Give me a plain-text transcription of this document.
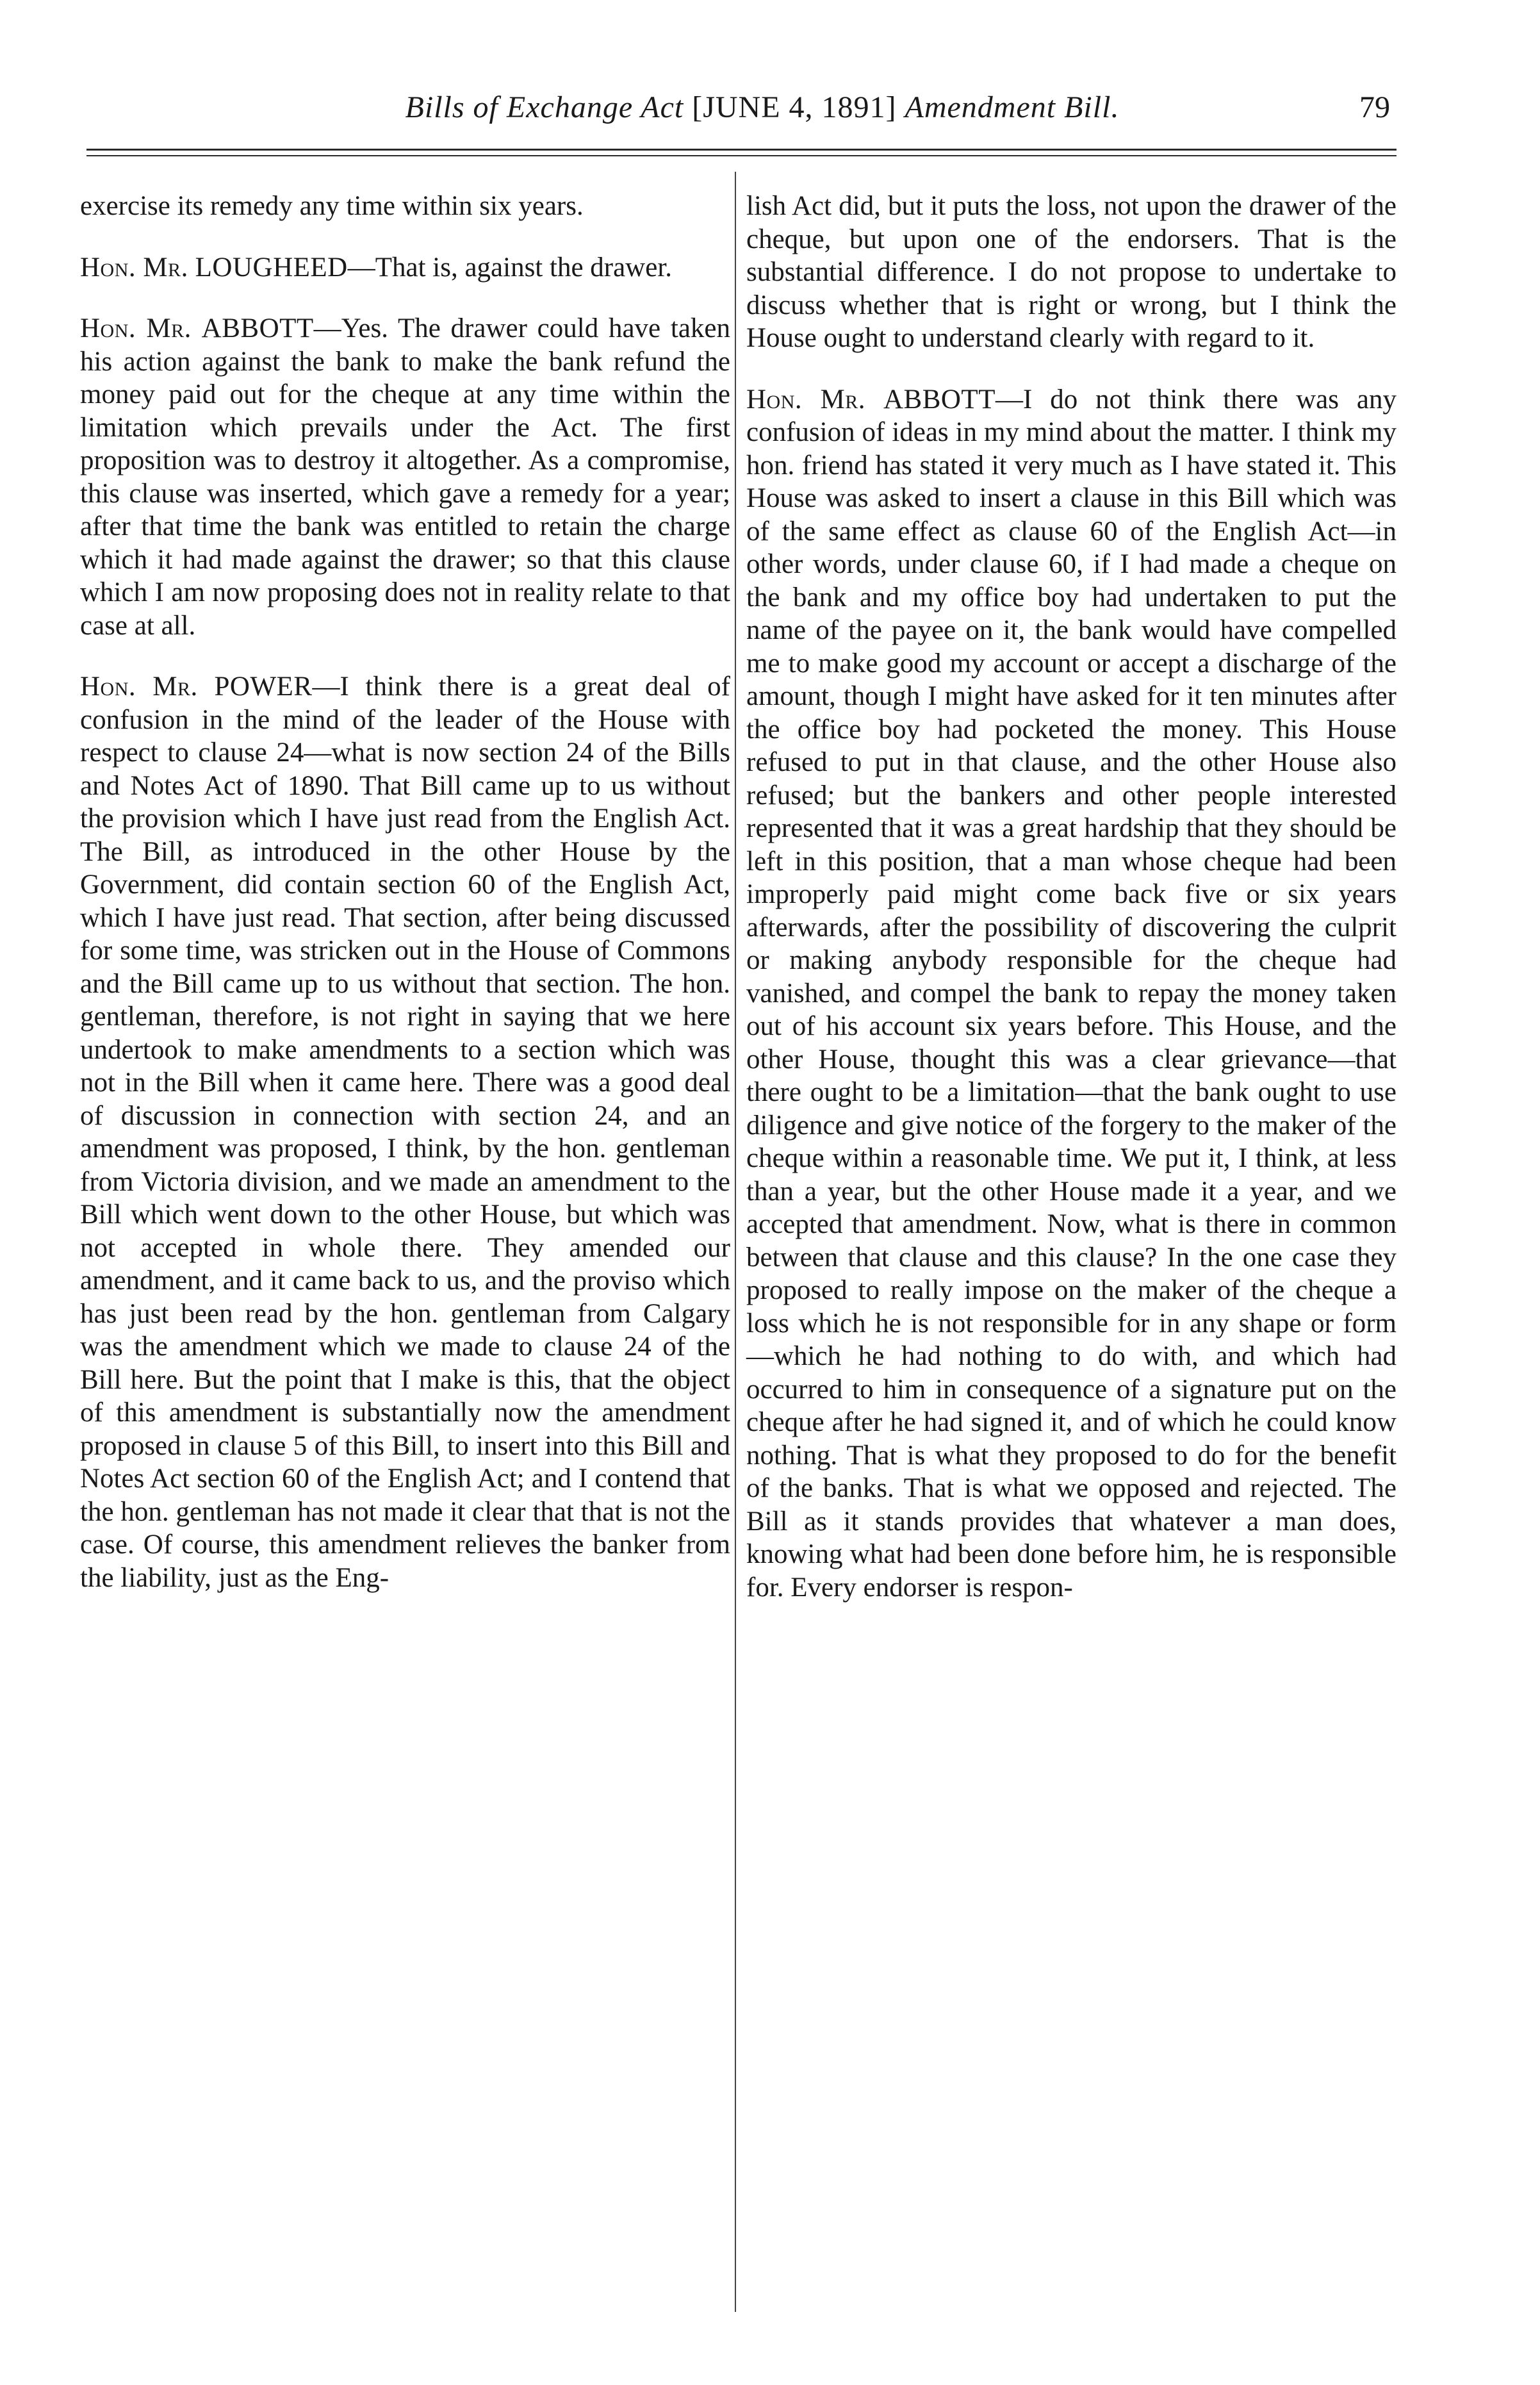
Bills of Exchange Act [JUNE 4, 1891] Amendment Bill.	79

exercise its remedy any time within six years.

Hon. Mr. LOUGHEED—That is, against the drawer.

Hon. Mr. ABBOTT—Yes. The drawer could have taken his action against the bank to make the bank refund the money paid out for the cheque at any time within the limitation which prevails under the Act. The first proposition was to destroy it altogether. As a compromise, this clause was inserted, which gave a remedy for a year; after that time the bank was entitled to retain the charge which it had made against the drawer; so that this clause which I am now proposing does not in reality relate to that case at all.

Hon. Mr. POWER—I think there is a great deal of confusion in the mind of the leader of the House with respect to clause 24—what is now section 24 of the Bills and Notes Act of 1890. That Bill came up to us without the provision which I have just read from the English Act. The Bill, as introduced in the other House by the Government, did contain section 60 of the English Act, which I have just read. That section, after being discussed for some time, was stricken out in the House of Commons and the Bill came up to us without that section. The hon. gentleman, therefore, is not right in saying that we here undertook to make amendments to a section which was not in the Bill when it came here. There was a good deal of discussion in connection with section 24, and an amendment was proposed, I think, by the hon. gentleman from Victoria division, and we made an amendment to the Bill which went down to the other House, but which was not accepted in whole there. They amended our amendment, and it came back to us, and the proviso which has just been read by the hon. gentleman from Calgary was the amendment which we made to clause 24 of the Bill here. But the point that I make is this, that the object of this amendment is substantially now the amendment proposed in clause 5 of this Bill, to insert into this Bill and Notes Act section 60 of the English Act; and I contend that the hon. gentleman has not made it clear that that is not the case. Of course, this amendment relieves the banker from the liability, just as the Eng-

lish Act did, but it puts the loss, not upon the drawer of the cheque, but upon one of the endorsers. That is the substantial difference. I do not propose to undertake to discuss whether that is right or wrong, but I think the House ought to understand clearly with regard to it.

Hon. Mr. ABBOTT—I do not think there was any confusion of ideas in my mind about the matter. I think my hon. friend has stated it very much as I have stated it. This House was asked to insert a clause in this Bill which was of the same effect as clause 60 of the English Act—in other words, under clause 60, if I had made a cheque on the bank and my office boy had undertaken to put the name of the payee on it, the bank would have compelled me to make good my account or accept a discharge of the amount, though I might have asked for it ten minutes after the office boy had pocketed the money. This House refused to put in that clause, and the other House also refused; but the bankers and other people interested represented that it was a great hardship that they should be left in this position, that a man whose cheque had been improperly paid might come back five or six years afterwards, after the possibility of discovering the culprit or making anybody responsible for the cheque had vanished, and compel the bank to repay the money taken out of his account six years before. This House, and the other House, thought this was a clear grievance—that there ought to be a limitation—that the bank ought to use diligence and give notice of the forgery to the maker of the cheque within a reasonable time. We put it, I think, at less than a year, but the other House made it a year, and we accepted that amendment. Now, what is there in common between that clause and this clause? In the one case they proposed to really impose on the maker of the cheque a loss which he is not responsible for in any shape or form—which he had nothing to do with, and which had occurred to him in consequence of a signature put on the cheque after he had signed it, and of which he could know nothing. That is what they proposed to do for the benefit of the banks. That is what we opposed and rejected. The Bill as it stands provides that whatever a man does, knowing what had been done before him, he is responsible for. Every endorser is respon-
